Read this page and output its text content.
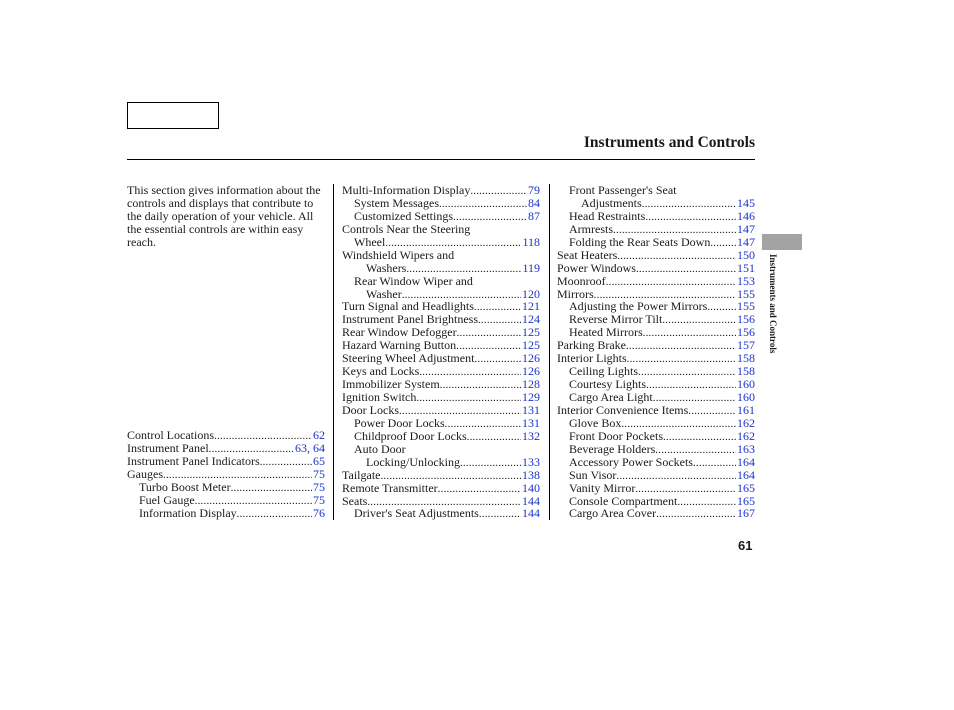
Instruments and Controls
Instruments and Controls
This section gives information about the controls and displays that contribute to the daily operation of your vehicle. All the essential controls are within easy reach.
Control Locations .....	62
Instrument Panel .....	63, 64
Instrument Panel Indicators .....	65
Gauges .....	75
Turbo Boost Meter .....	75
Fuel Gauge .....	75
Information Display .....	76
Multi-Information Display .....	79
System Messages .....	84
Customized Settings .....	87
Controls Near the Steering
Wheel .....	118
Windshield Wipers and
Washers .....	119
Rear Window Wiper and
Washer .....	120
Turn Signal and Headlights .....	121
Instrument Panel Brightness .....	124
Rear Window Defogger .....	125
Hazard Warning Button .....	125
Steering Wheel Adjustment .....	126
Keys and Locks .....	126
Immobilizer System .....	128
Ignition Switch .....	129
Door Locks .....	131
Power Door Locks .....	131
Childproof Door Locks .....	132
Auto Door
Locking/Unlocking .....	133
Tailgate .....	138
Remote Transmitter .....	140
Seats .....	144
Driver's Seat Adjustments .....	144
Front Passenger's Seat
Adjustments .....	145
Head Restraints .....	146
Armrests .....	147
Folding the Rear Seats Down ..... 147
Seat Heaters .....	150
Power Windows .....	151
Moonroof .....	153
Mirrors .....	155
Adjusting the Power Mirrors ..... 155
Reverse Mirror Tilt .....	156
Heated Mirrors .....	156
Parking Brake .....	157
Interior Lights .....	158
Ceiling Lights .....	158
Courtesy Lights .....	160
Cargo Area Light .....	160
Interior Convenience Items .....	161
Glove Box .....	162
Front Door Pockets .....	162
Beverage Holders .....	163
Accessory Power Sockets .....	164
Sun Visor .....	164
Vanity Mirror .....	165
Console Compartment .....	165
Cargo Area Cover .....	167
61
